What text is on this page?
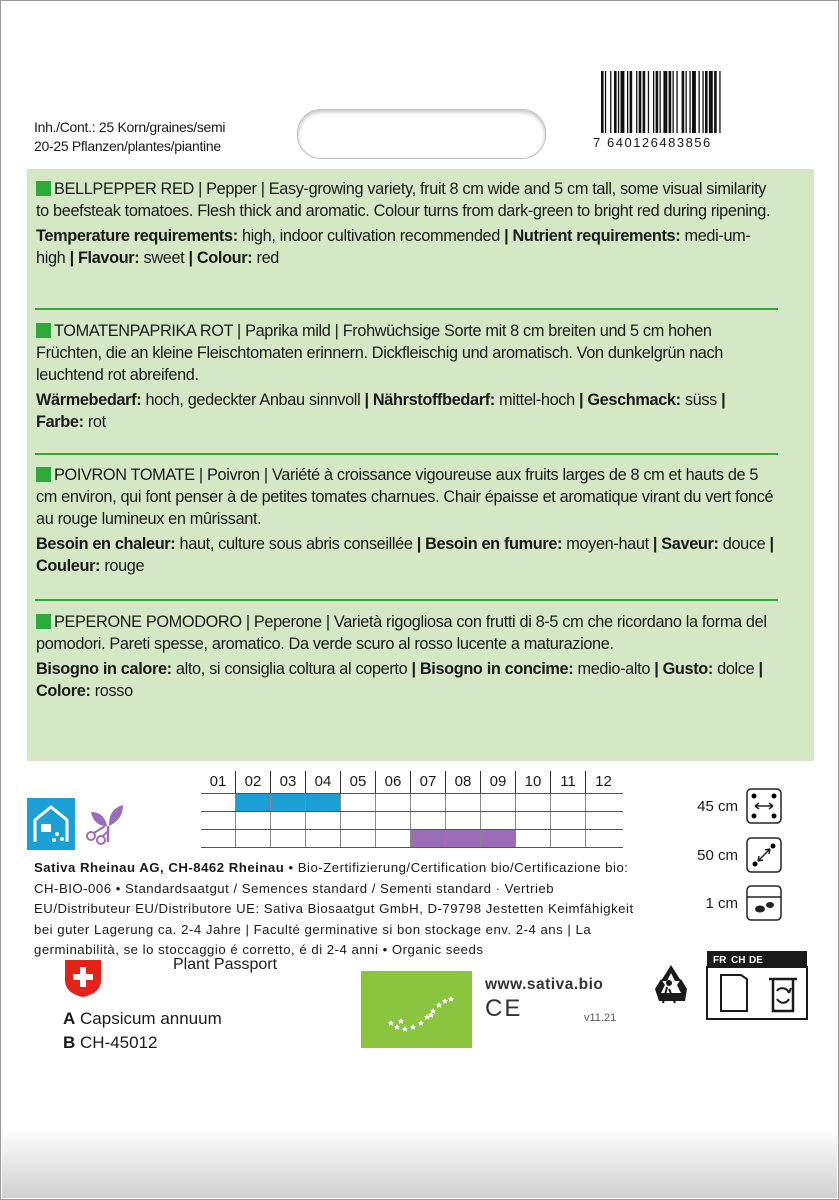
Inh./Cont.: 25 Korn/graines/semi
20-25 Pflanzen/plantes/piantine	7 640126483856
BELLPEPPER RED | Pepper | Easy-growing variety, fruit 8 cm wide and 5 cm tall, some visual similarity to beefsteak tomatoes. Flesh thick and aromatic. Colour turns from dark-green to bright red during ripening.
Temperature requirements: high, indoor cultivation recommended | Nutrient requirements: medi-um-high | Flavour: sweet | Colour: red
TOMATENPAPRIKA ROT | Paprika mild | Frohwüchsige Sorte mit 8 cm breiten und 5 cm hohen Früchten, die an kleine Fleischtomaten erinnern. Dickfleischig und aromatisch. Von dunkelgrün nach leuchtend rot abreifend.
Wärmebedarf: hoch, gedeckter Anbau sinnvoll | Nährstoffbedarf: mittel-hoch | Geschmack: süss | Farbe: rot
POIVRON TOMATE | Poivron | Variété à croissance vigoureuse aux fruits larges de 8 cm et hauts de 5 cm environ, qui font penser à de petites tomates charnues. Chair épaisse et aromatique virant du vert foncé au rouge lumineux en mûrissant.
Besoin en chaleur: haut, culture sous abris conseillée | Besoin en fumure: moyen-haut | Saveur: douce | Couleur: rouge
PEPERONE POMODORO | Peperone | Varietà rigogliosa con frutti di 8-5 cm che ricordano la forma del pomodori. Pareti spesse, aromatico. Da verde scuro al rosso lucente a maturazione.
Bisogno in calore: alto, si consiglia coltura al coperto | Bisogno in concime: medio-alto | Gusto: dolce | Colore: rosso
01	02	03	04	05	06	07	08	09	10	11	12
45 cm
50 cm
1 cm
Sativa Rheinau AG, CH-8462 Rheinau • Bio-Zertifizierung/Certification bio/Certificazione bio: CH-BIO-006 • Standardsaatgut / Semences standard / Sementi standard · Vertrieb EU/Distributeur EU/Distributore UE: Sativa Biosaatgut GmbH, D-79798 Jestetten Keimfähigkeit bei guter Lagerung ca. 2-4 Jahre | Faculté germinative si bon stockage env. 2-4 ans | La germinabilità, se lo stoccaggio é corretto, é di 2-4 anni • Organic seeds
Plant Passport
A Capsicum annuum
B CH-45012
www.sativa.bio
CE	v11.21
FR CH DE
